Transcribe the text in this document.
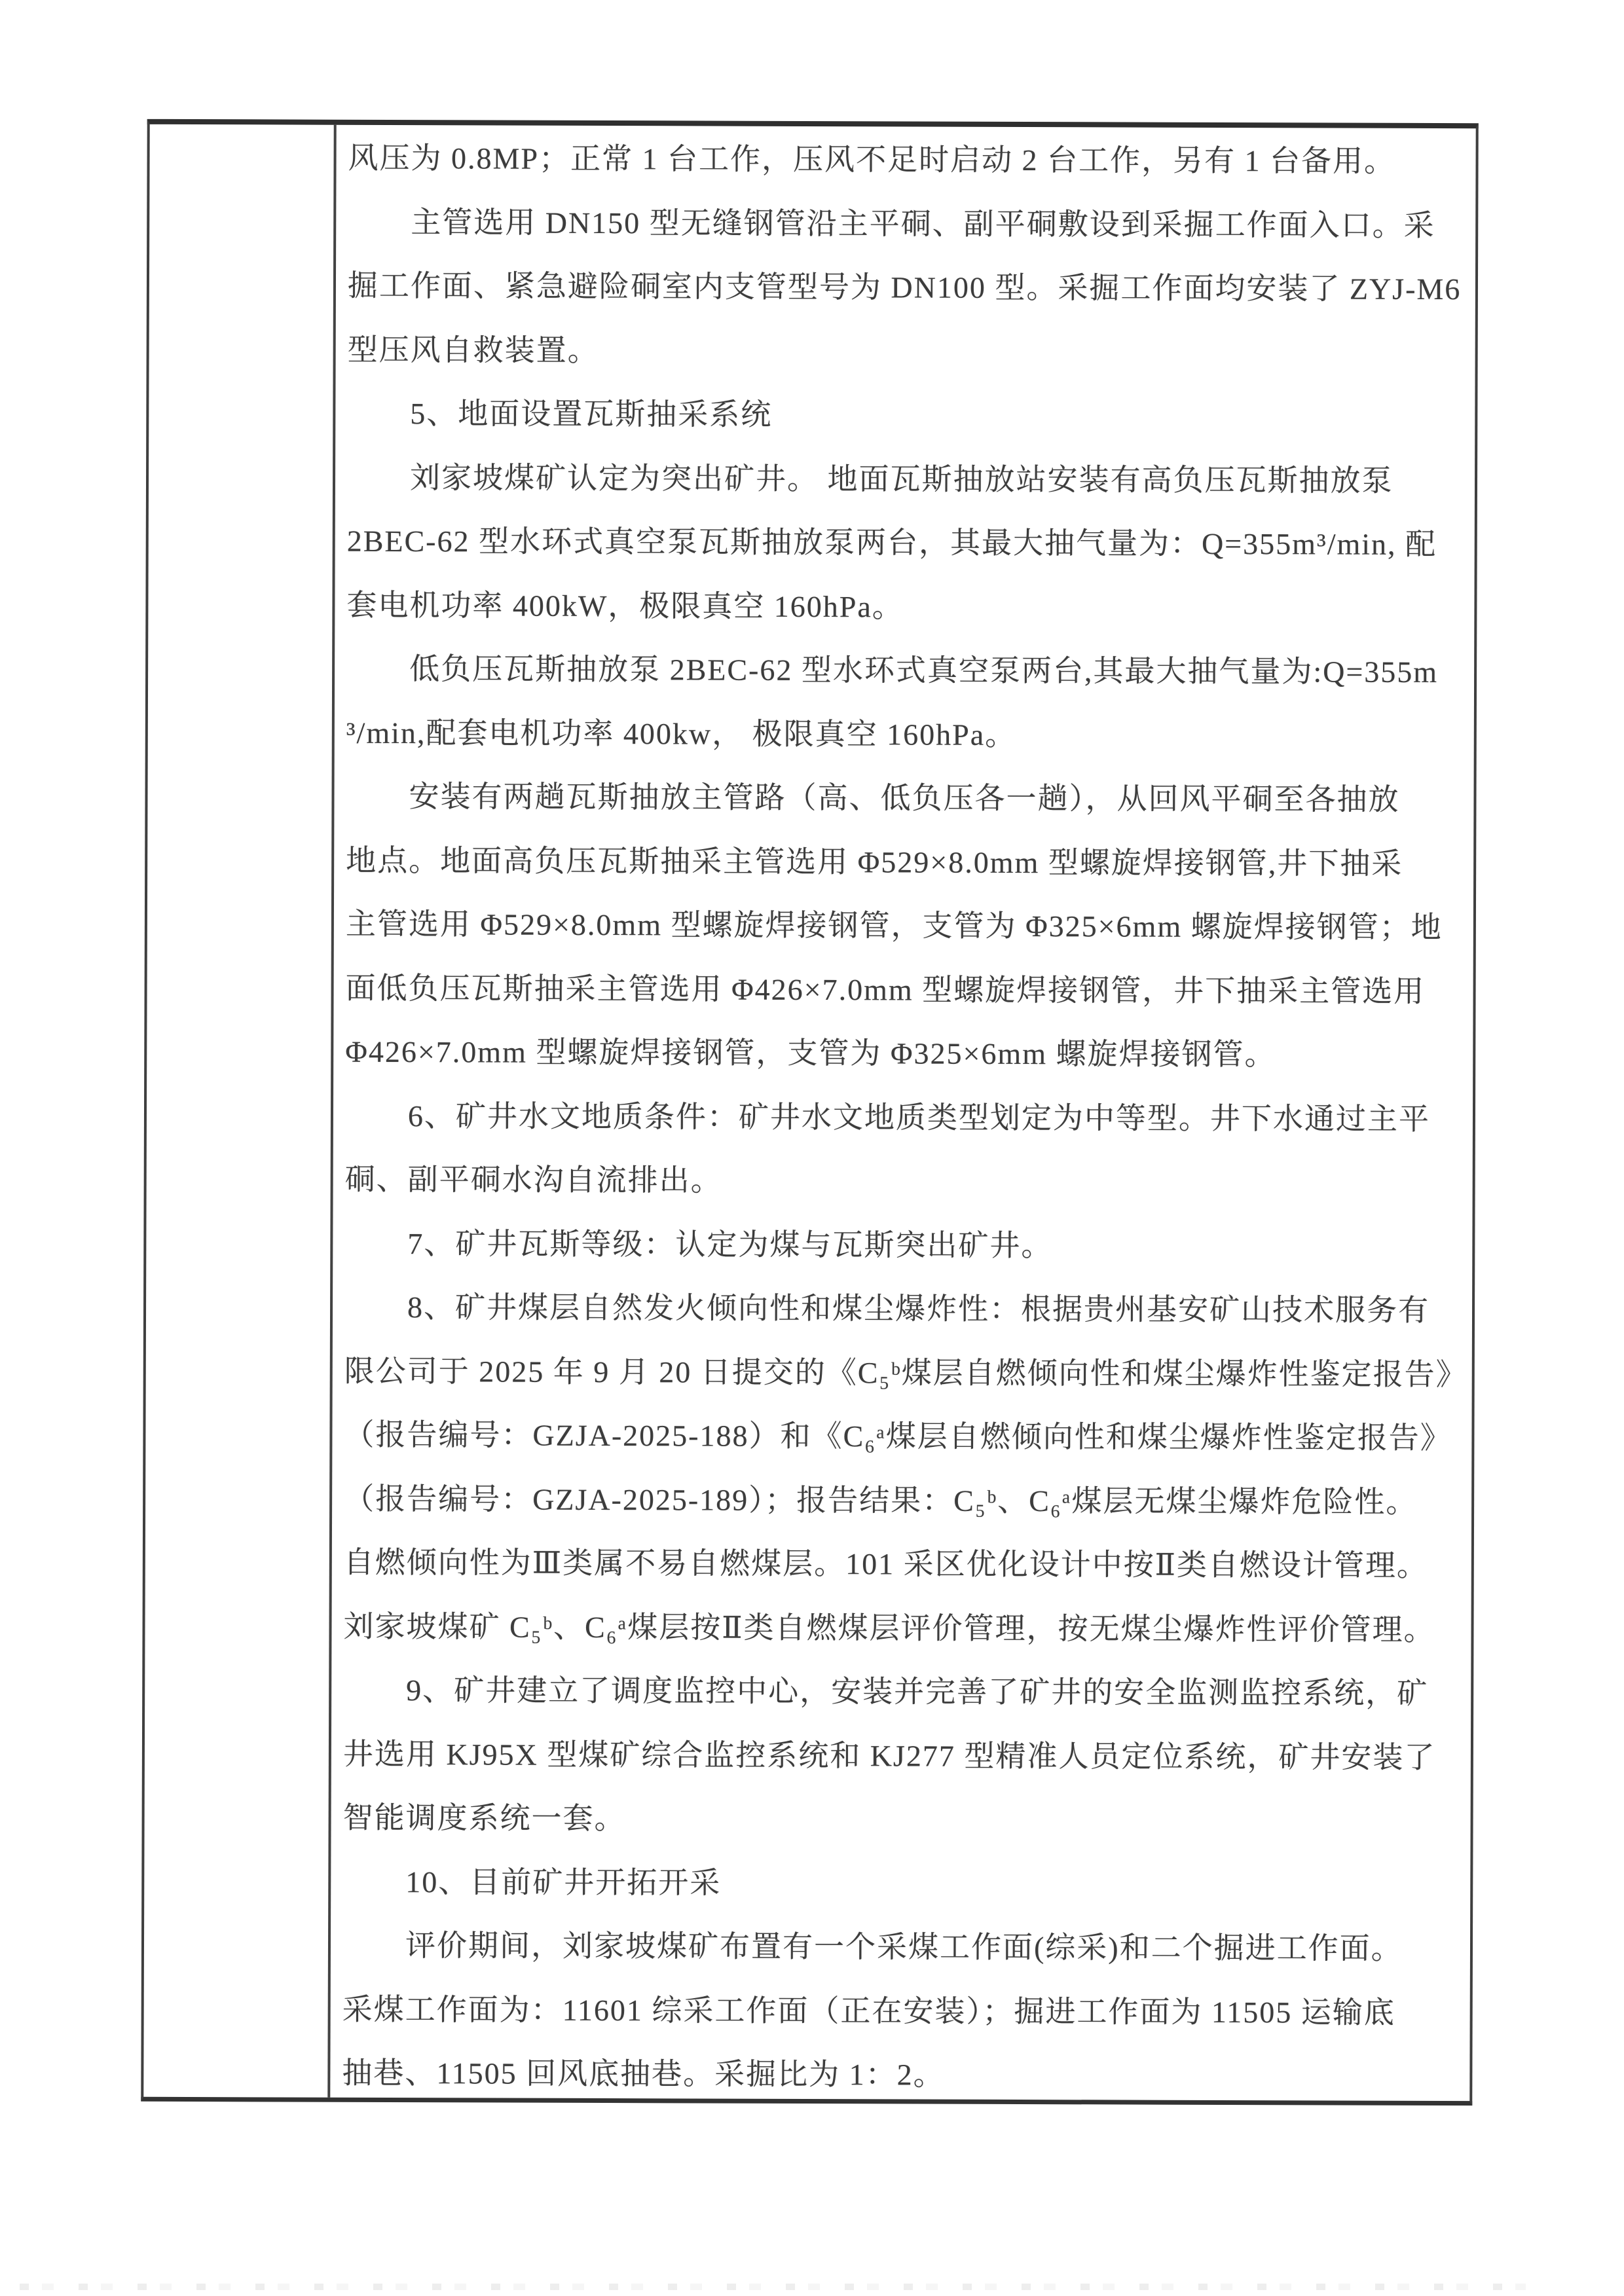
风压为 0.8MP；正常 1 台工作，压风不足时启动 2 台工作，另有 1 台备用。
主管选用 DN150 型无缝钢管沿主平硐、副平硐敷设到采掘工作面入口。采
掘工作面、紧急避险硐室内支管型号为 DN100 型。采掘工作面均安装了 ZYJ-M6
型压风自救装置。
5、地面设置瓦斯抽采系统
刘家坡煤矿认定为突出矿井。 地面瓦斯抽放站安装有高负压瓦斯抽放泵
2BEC-62 型水环式真空泵瓦斯抽放泵两台，其最大抽气量为：Q=355m³/min, 配
套电机功率 400kW，极限真空 160hPa。
低负压瓦斯抽放泵 2BEC-62 型水环式真空泵两台,其最大抽气量为:Q=355m
³/min,配套电机功率 400kw， 极限真空 160hPa。
安装有两趟瓦斯抽放主管路（高、低负压各一趟），从回风平硐至各抽放
地点。地面高负压瓦斯抽采主管选用 Φ529×8.0mm 型螺旋焊接钢管,井下抽采
主管选用 Φ529×8.0mm 型螺旋焊接钢管，支管为 Φ325×6mm 螺旋焊接钢管；地
面低负压瓦斯抽采主管选用 Φ426×7.0mm 型螺旋焊接钢管，井下抽采主管选用
Φ426×7.0mm 型螺旋焊接钢管，支管为 Φ325×6mm 螺旋焊接钢管。
6、矿井水文地质条件：矿井水文地质类型划定为中等型。井下水通过主平
硐、副平硐水沟自流排出。
7、矿井瓦斯等级：认定为煤与瓦斯突出矿井。
8、矿井煤层自然发火倾向性和煤尘爆炸性：根据贵州基安矿山技术服务有
限公司于 2025 年 9 月 20 日提交的《C₅ᵇ煤层自燃倾向性和煤尘爆炸性鉴定报告》
（报告编号：GZJA-2025-188）和《C₆ᵃ煤层自燃倾向性和煤尘爆炸性鉴定报告》
（报告编号：GZJA-2025-189）；报告结果：C₅ᵇ、C₆ᵃ煤层无煤尘爆炸危险性。
自燃倾向性为Ⅲ类属不易自燃煤层。101 采区优化设计中按Ⅱ类自燃设计管理。
刘家坡煤矿 C₅ᵇ、C₆ᵃ煤层按Ⅱ类自燃煤层评价管理，按无煤尘爆炸性评价管理。
9、矿井建立了调度监控中心，安装并完善了矿井的安全监测监控系统，矿
井选用 KJ95X 型煤矿综合监控系统和 KJ277 型精准人员定位系统，矿井安装了
智能调度系统一套。
10、目前矿井开拓开采
评价期间，刘家坡煤矿布置有一个采煤工作面(综采)和二个掘进工作面。
采煤工作面为：11601 综采工作面（正在安装）；掘进工作面为 11505 运输底
抽巷、11505 回风底抽巷。采掘比为 1：2。
